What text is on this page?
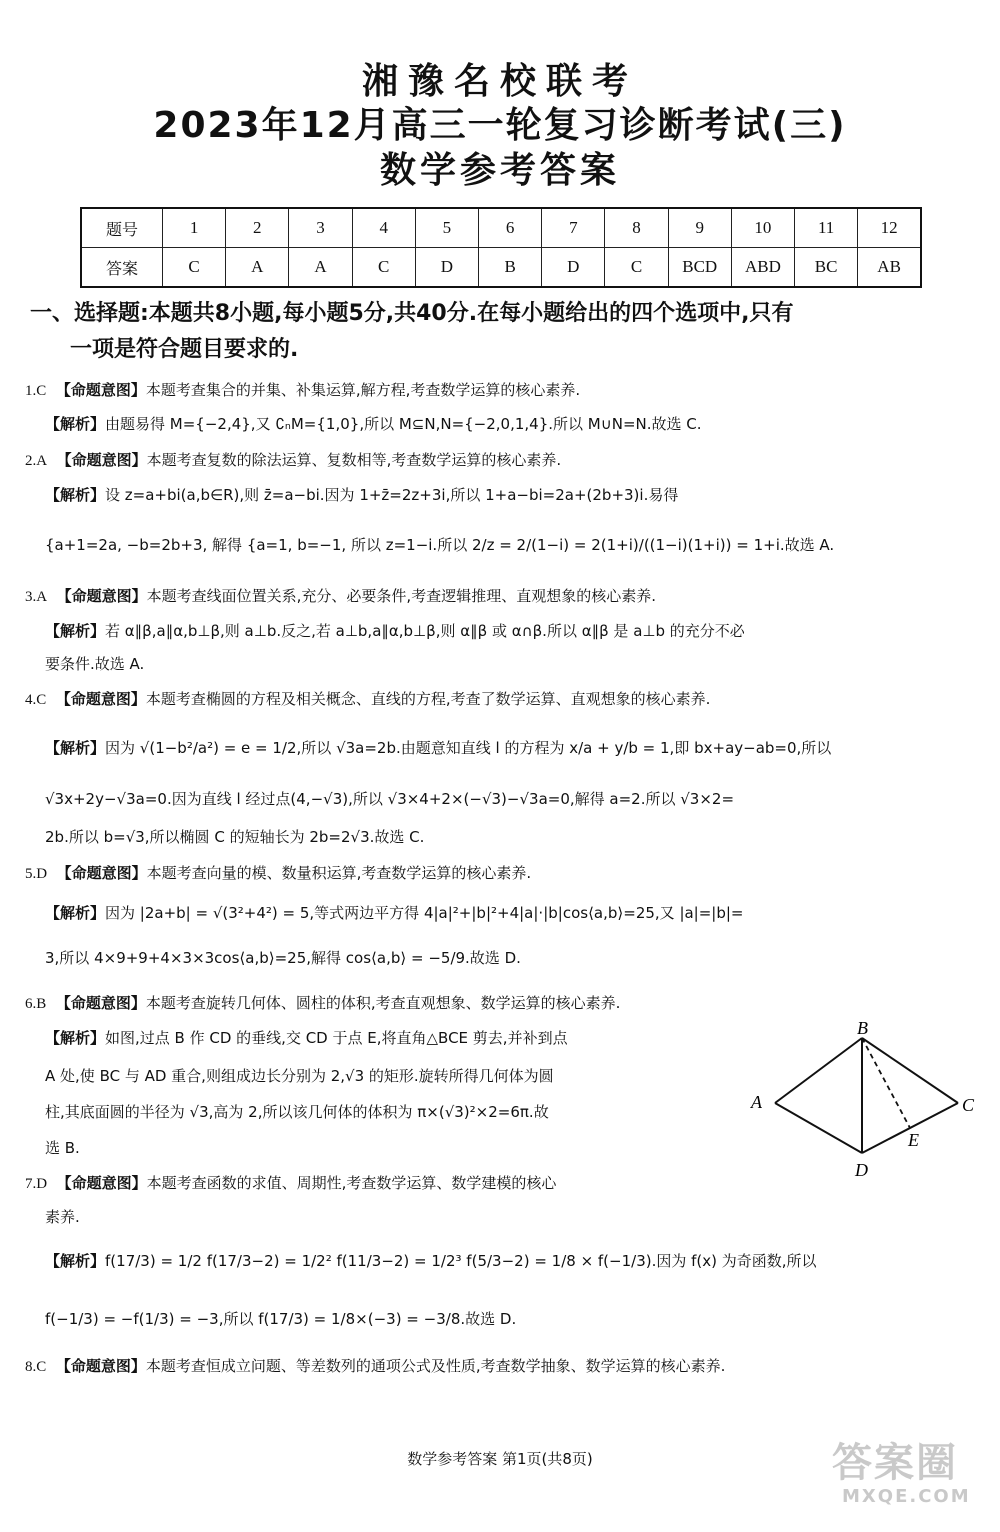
湘豫名校联考
2023年12月高三一轮复习诊断考试(三)
数学参考答案
题号	1	2	3	4	5	6	7	8	9	10	11	12
答案	C	A	A	C	D	B	D	C	BCD	ABD	BC	AB
一、选择题:本题共8小题,每小题5分,共40分.在每小题给出的四个选项中,只有
一项是符合题目要求的.
1.C 【命题意图】本题考查集合的并集、补集运算,解方程,考查数学运算的核心素养.
【解析】由题易得 M={−2,4},又 ∁ₙM={1,0},所以 M⊆N,N={−2,0,1,4}.所以 M∪N=N.故选 C.
2.A 【命题意图】本题考查复数的除法运算、复数相等,考查数学运算的核心素养.
【解析】设 z=a+bi(a,b∈R),则 z̄=a−bi.因为 1+z̄=2z+3i,所以 1+a−bi=2a+(2b+3)i.易得
{a+1=2a, −b=2b+3, 解得 {a=1, b=−1, 所以 z=1−i.所以 2/z = 2/(1−i) = 2(1+i)/((1−i)(1+i)) = 1+i.故选 A.
3.A 【命题意图】本题考查线面位置关系,充分、必要条件,考查逻辑推理、直观想象的核心素养.
【解析】若 α∥β,a∥α,b⊥β,则 a⊥b.反之,若 a⊥b,a∥α,b⊥β,则 α∥β 或 α∩β.所以 α∥β 是 a⊥b 的充分不必
要条件.故选 A.
4.C 【命题意图】本题考查椭圆的方程及相关概念、直线的方程,考查了数学运算、直观想象的核心素养.
【解析】因为 √(1−b²/a²) = e = 1/2,所以 √3a=2b.由题意知直线 l 的方程为 x/a + y/b = 1,即 bx+ay−ab=0,所以
√3x+2y−√3a=0.因为直线 l 经过点(4,−√3),所以 √3×4+2×(−√3)−√3a=0,解得 a=2.所以 √3×2=
2b.所以 b=√3,所以椭圆 C 的短轴长为 2b=2√3.故选 C.
5.D 【命题意图】本题考查向量的模、数量积运算,考查数学运算的核心素养.
【解析】因为 |2a+b| = √(3²+4²) = 5,等式两边平方得 4|a|²+|b|²+4|a|·|b|cos⟨a,b⟩=25,又 |a|=|b|=
3,所以 4×9+9+4×3×3cos⟨a,b⟩=25,解得 cos⟨a,b⟩ = −5/9.故选 D.
6.B 【命题意图】本题考查旋转几何体、圆柱的体积,考查直观想象、数学运算的核心素养.
【解析】如图,过点 B 作 CD 的垂线,交 CD 于点 E,将直角△BCE 剪去,并补到点
A 处,使 BC 与 AD 重合,则组成边长分别为 2,√3 的矩形.旋转所得几何体为圆
柱,其底面圆的半径为 √3,高为 2,所以该几何体的体积为 π×(√3)²×2=6π.故
选 B.
B
A	C
E
D
7.D 【命题意图】本题考查函数的求值、周期性,考查数学运算、数学建模的核心
素养.
【解析】f(17/3) = 1/2 f(17/3−2) = 1/2² f(11/3−2) = 1/2³ f(5/3−2) = 1/8 × f(−1/3).因为 f(x) 为奇函数,所以
f(−1/3) = −f(1/3) = −3,所以 f(17/3) = 1/8×(−3) = −3/8.故选 D.
8.C 【命题意图】本题考查恒成立问题、等差数列的通项公式及性质,考查数学抽象、数学运算的核心素养.
数学参考答案 第1页(共8页)	答案圈
MXQE.COM
